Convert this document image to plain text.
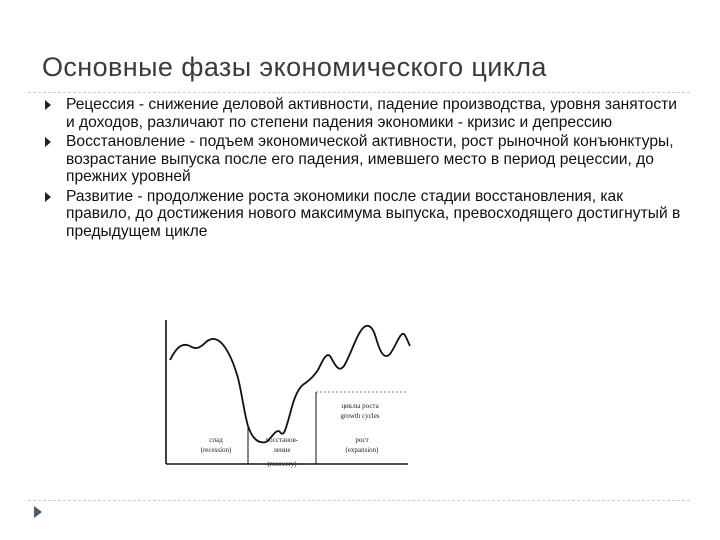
Основные фазы экономического цикла
Рецессия - снижение деловой активности, падение производства, уровня занятости и доходов, различают по степени падения экономики - кризис и депрессию
Восстановление - подъем экономической активности, рост рыночной конъюнктуры, возрастание выпуска после его падения, имевшего место в период рецессии, до прежних уровней
Развитие - продолжение роста экономики после стадии восстановления, как правило, до достижения нового максимума выпуска, превосходящего достигнутый в предыдущем цикле
спад
(recession)
восстанов-
ление
(recovery)
циклы роста
growth cycles
рост
(expansion)
